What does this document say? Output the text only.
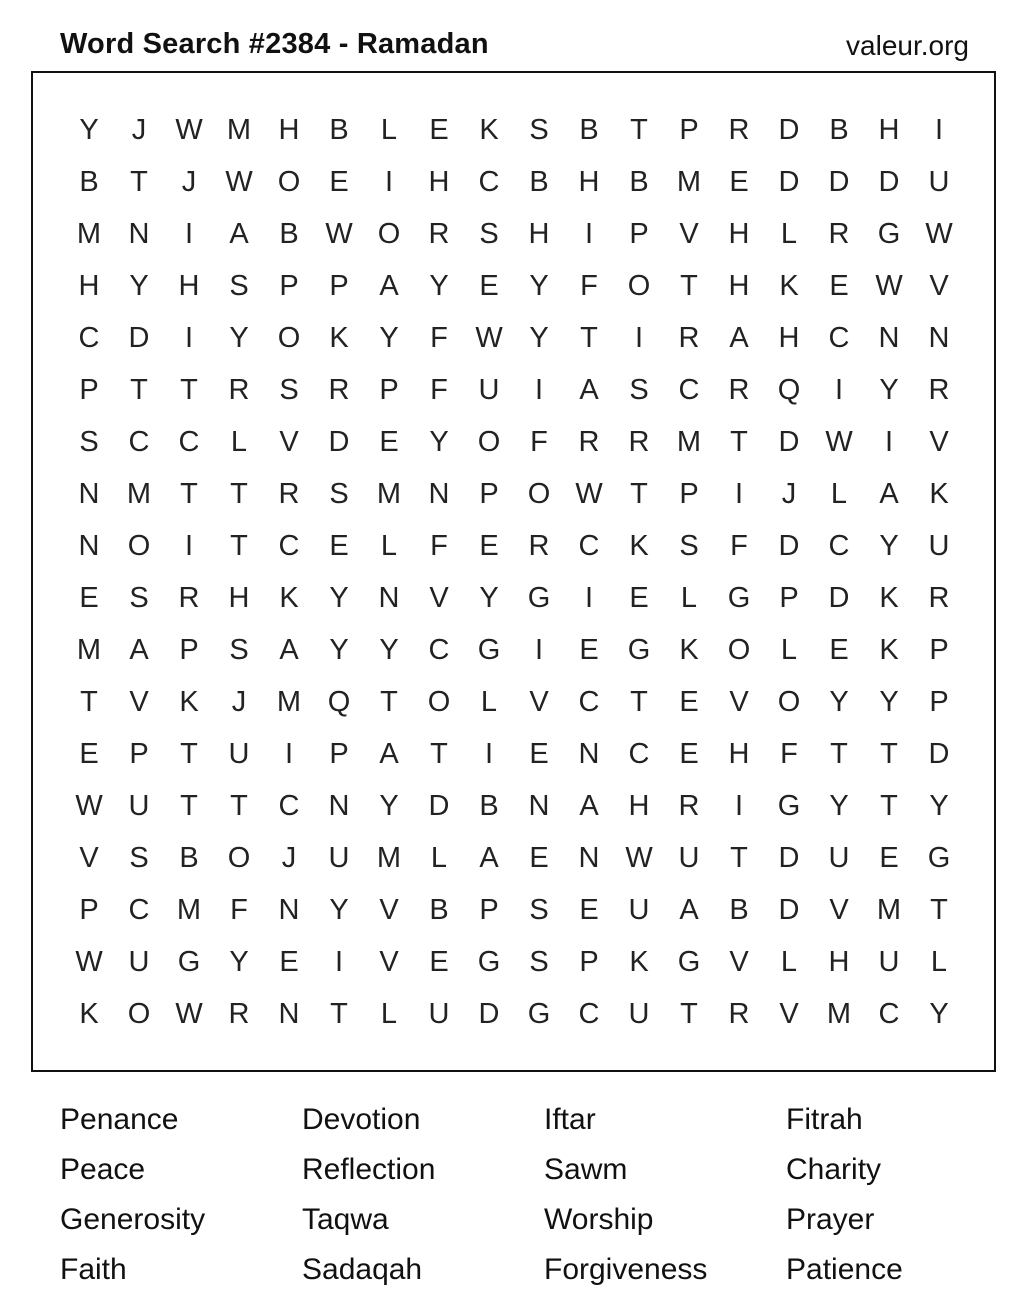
Word Search #2384 - Ramadan	valeur.org
Y	J	W M H	B	L	E	K	S	B	T	P	R	D	B	H	I
B	T	J	W O	E	I	H	C	B	H	B M E	D	D	D	U
M N	I	A	B W O R	S	H	I	P	V	H	L	R G W
H	Y	H	S	P	P	A	Y	E	Y	F	O	T	H	K	E W V
C	D	I	Y	O	K	Y	F W Y	T	I	R	A	H	C	N	N
P	T	T	R	S	R	P	F	U	I	A	S	C	R Q	I	Y	R
S	C	C	L	V	D	E	Y	O	F	R	R M	T	D W	I	V
N M	T	T	R	S M N	P	O W T	P	I	J	L	A	K
N O	I	T	C	E	L	F	E	R	C	K	S	F	D	C	Y	U
E	S	R	H	K	Y	N	V	Y	G	I	E	L	G	P	D	K	R
M A	P	S	A	Y	Y	C G	I	E	G	K	O	L	E	K	P
T	V	K	J	M Q	T	O	L	V	C	T	E	V	O	Y	Y	P
E	P	T	U	I	P	A	T	I	E	N	C	E	H	F	T	T	D
W U	T	T	C	N	Y	D	B	N	A	H	R	I	G	Y	T	Y
V	S	B	O	J	U M	L	A	E	N W U	T	D	U	E	G
P	C M	F	N	Y	V	B	P	S	E	U	A	B	D	V M	T
W U G	Y	E	I	V	E	G	S	P	K	G	V	L	H	U	L
K	O W R	N	T	L	U	D G C	U	T	R	V M C	Y
Penance	Devotion	Iftar	Fitrah
Peace	Reflection	Sawm	Charity
Generosity	Taqwa	Worship	Prayer
Faith	Sadaqah	Forgiveness	Patience
